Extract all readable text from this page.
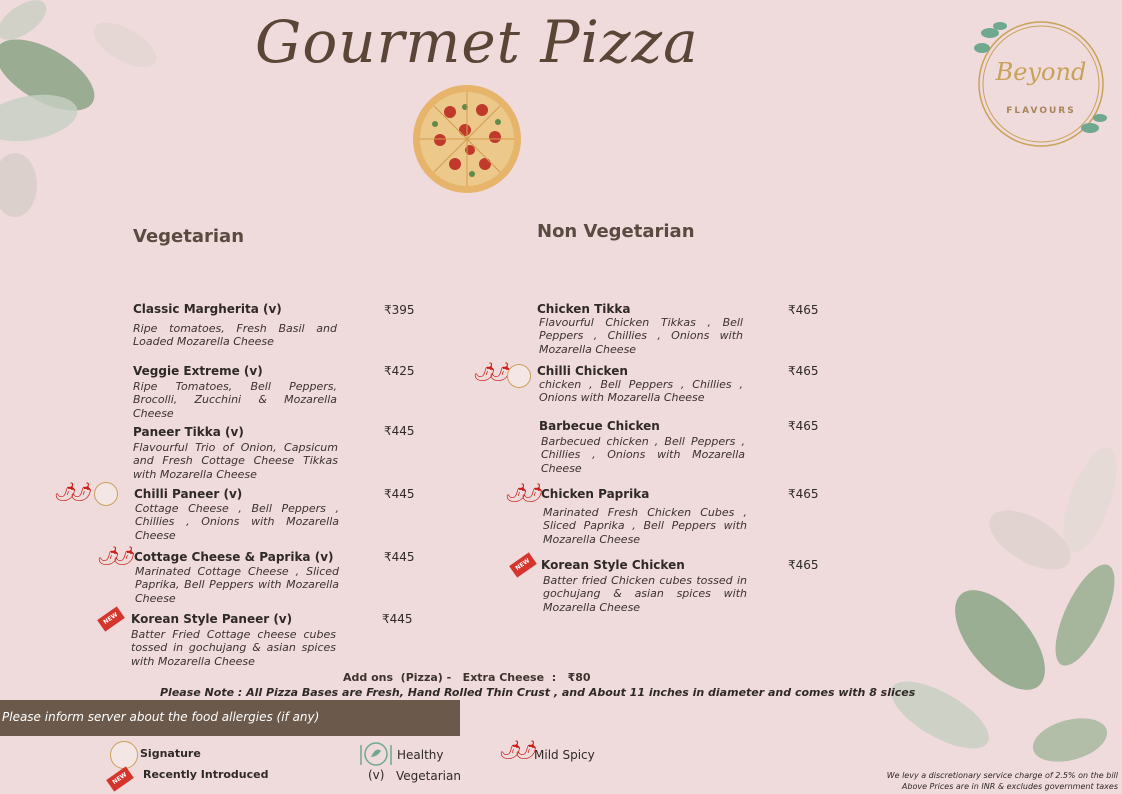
Gourmet Pizza	Beyond
FLAVOURS
Vegetarian	Non Vegetarian
Classic Margherita (v)	₹395
Ripe tomatoes, Fresh Basil and Loaded Mozarella Cheese
Veggie Extreme (v)	₹425
Ripe Tomatoes, Bell Peppers, Brocolli, Zucchini & Mozarella Cheese
Paneer Tikka (v)	₹445
Flavourful Trio of Onion, Capsicum and Fresh Cottage Cheese Tikkas with Mozarella Cheese
🌶🌶	Chilli Paneer (v)	₹445
Cottage Cheese , Bell Peppers , Chillies , Onions with Mozarella Cheese
🌶🌶 Cottage Cheese & Paprika (v)	₹445
Marinated Cottage Cheese , Sliced Paprika, Bell Peppers with Mozarella Cheese
NEW Korean Style Paneer (v)	₹445
Batter Fried Cottage cheese cubes tossed in gochujang & asian spices with Mozarella Cheese
Chicken Tikka	₹465
Flavourful Chicken Tikkas , Bell Peppers , Chillies , Onions with Mozarella Cheese
🌶🌶	Chilli Chicken	₹465
chicken , Bell Peppers , Chillies , Onions with Mozarella Cheese
Barbecue Chicken	₹465
Barbecued chicken , Bell Peppers , Chillies , Onions with Mozarella Cheese
🌶🌶 Chicken Paprika	₹465
Marinated Fresh Chicken Cubes , Sliced Paprika , Bell Peppers with Mozarella Cheese
NEW Korean Style Chicken	₹465
Batter fried Chicken cubes tossed in gochujang & asian spices with Mozarella Cheese
Add ons  (Pizza) -   Extra Cheese  :   ₹80
Please Note : All Pizza Bases are Fresh, Hand Rolled Thin Crust , and About 11 inches in diameter and comes with 8 slices
Please inform server about the food allergies (if any)
Signature
NEW	Recently Introduced
Healthy
(v) Vegetarian
🌶🌶 Mild Spicy
We levy a discretionary service charge of 2.5% on the bill
Above Prices are in INR & excludes government taxes
